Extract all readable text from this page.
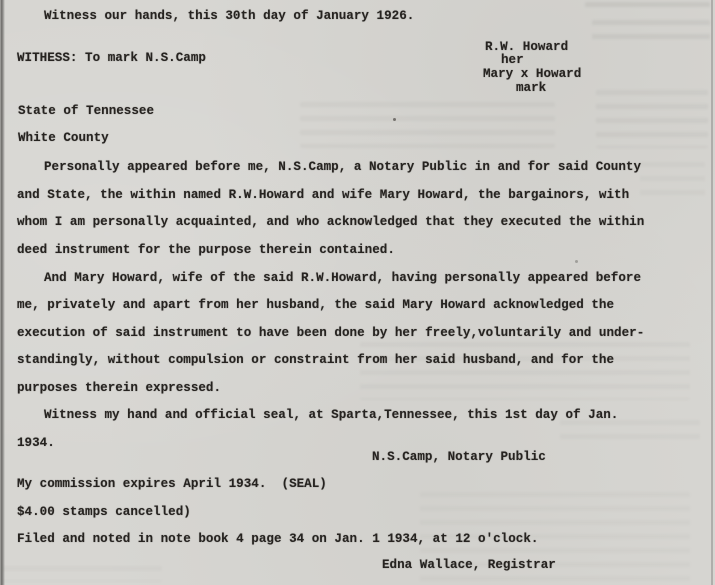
Witness our hands, this 30th day of January 1926.
R.W. Howard
her
Mary x Howard
mark
WITHESS: To mark N.S.Camp
State of Tennessee
White County
Personally appeared before me, N.S.Camp, a Notary Public in and for said County
and State, the within named R.W.Howard and wife Mary Howard, the bargainors, with
whom I am personally acquainted, and who acknowledged that they executed the within
deed instrument for the purpose therein contained.
And Mary Howard, wife of the said R.W.Howard, having personally appeared before
me, privately and apart from her husband, the said Mary Howard acknowledged the
execution of said instrument to have been done by her freely,voluntarily and under-
standingly, without compulsion or constraint from her said husband, and for the
purposes therein expressed.
Witness my hand and official seal, at Sparta,Tennessee, this 1st day of Jan.
1934.
N.S.Camp, Notary Public
My commission expires April 1934.  (SEAL)
$4.00 stamps cancelled)
Filed and noted in note book 4 page 34 on Jan. 1 1934, at 12 o'clock.
Edna Wallace, Registrar
